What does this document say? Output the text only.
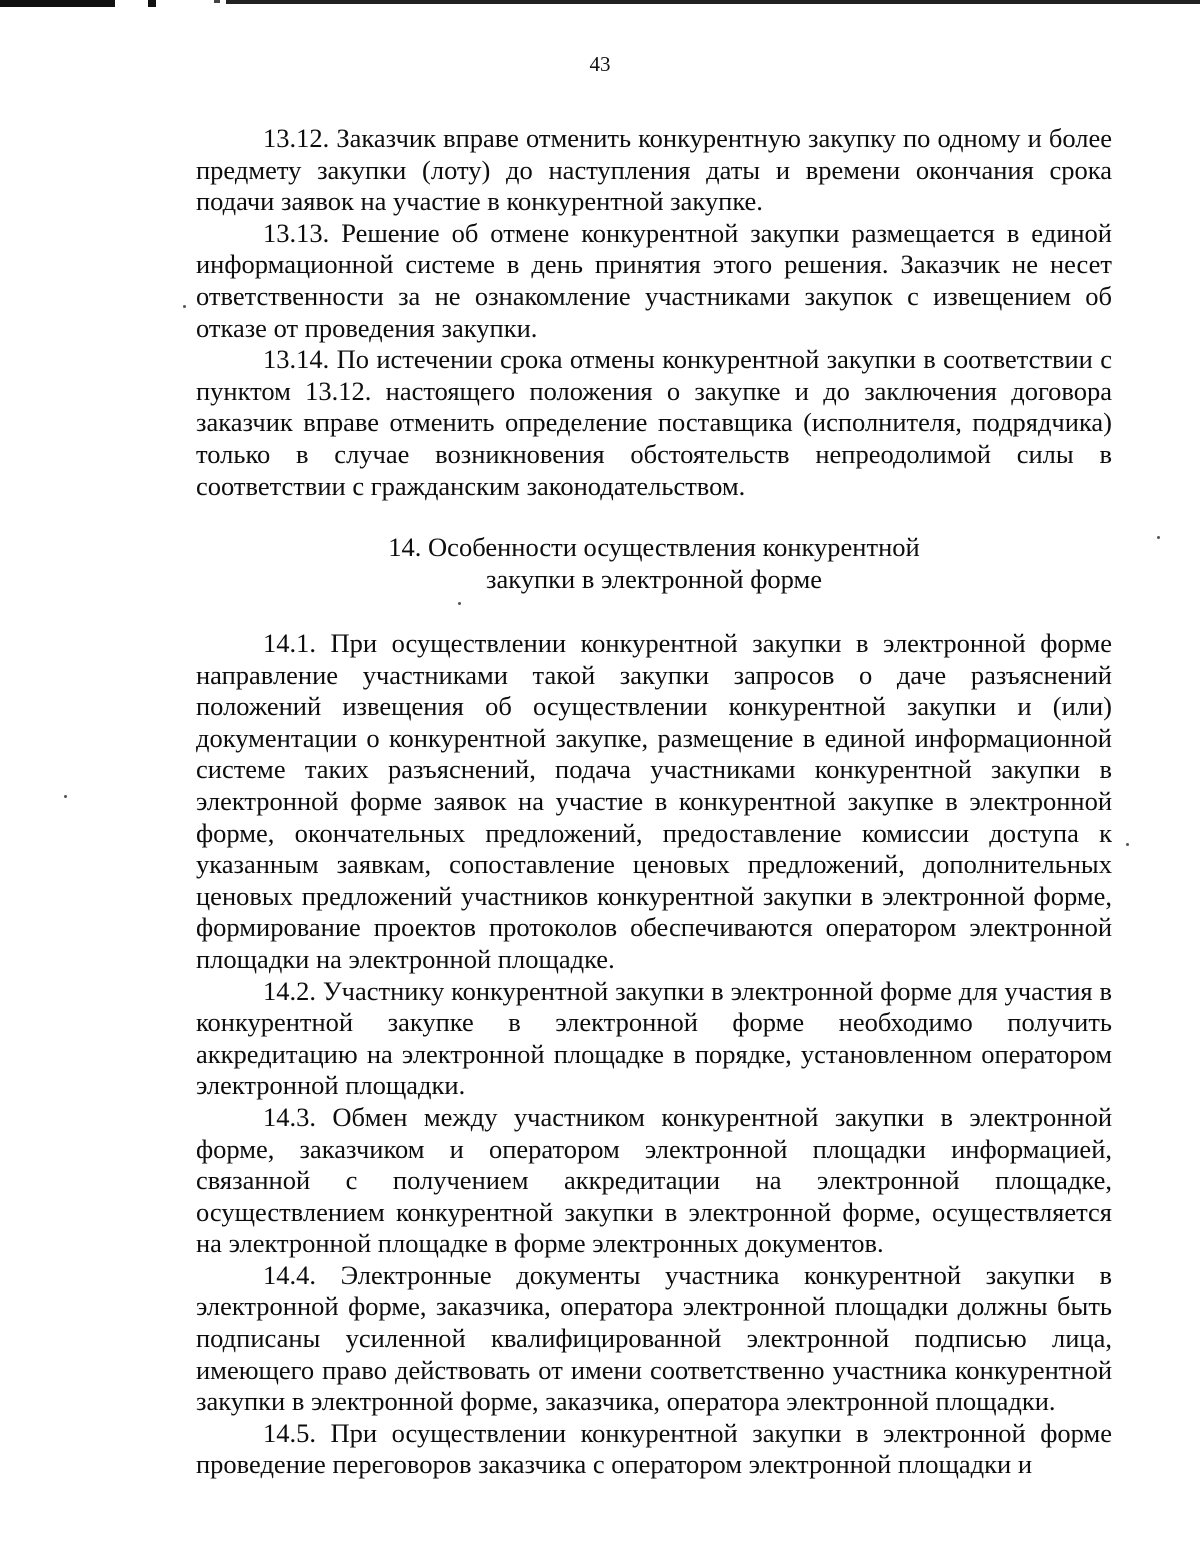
43

13.12. Заказчик вправе отменить конкурентную закупку по одному и более предмету закупки (лоту) до наступления даты и времени окончания срока подачи заявок на участие в конкурентной закупке.

13.13. Решение об отмене конкурентной закупки размещается в единой информационной системе в день принятия этого решения. Заказчик не несет ответственности за не ознакомление участниками закупок с извещением об отказе от проведения закупки.

13.14. По истечении срока отмены конкурентной закупки в соответствии с пунктом 13.12. настоящего положения о закупке и до заключения договора заказчик вправе отменить определение поставщика (исполнителя, подрядчика) только в случае возникновения обстоятельств непреодолимой силы в соответствии с гражданским законодательством.

14. Особенности осуществления конкурентной
закупки в электронной форме

14.1. При осуществлении конкурентной закупки в электронной форме направление участниками такой закупки запросов о даче разъяснений положений извещения об осуществлении конкурентной закупки и (или) документации о конкурентной закупке, размещение в единой информационной системе таких разъяснений, подача участниками конкурентной закупки в электронной форме заявок на участие в конкурентной закупке в электронной форме, окончательных предложений, предоставление комиссии доступа к указанным заявкам, сопоставление ценовых предложений, дополнительных ценовых предложений участников конкурентной закупки в электронной форме, формирование проектов протоколов обеспечиваются оператором электронной площадки на электронной площадке.

14.2. Участнику конкурентной закупки в электронной форме для участия в конкурентной закупке в электронной форме необходимо получить аккредитацию на электронной площадке в порядке, установленном оператором электронной площадки.

14.3. Обмен между участником конкурентной закупки в электронной форме, заказчиком и оператором электронной площадки информацией, связанной с получением аккредитации на электронной площадке, осуществлением конкурентной закупки в электронной форме, осуществляется на электронной площадке в форме электронных документов.

14.4. Электронные документы участника конкурентной закупки в электронной форме, заказчика, оператора электронной площадки должны быть подписаны усиленной квалифицированной электронной подписью лица, имеющего право действовать от имени соответственно участника конкурентной закупки в электронной форме, заказчика, оператора электронной площадки.

14.5. При осуществлении конкурентной закупки в электронной форме проведение переговоров заказчика с оператором электронной площадки и
